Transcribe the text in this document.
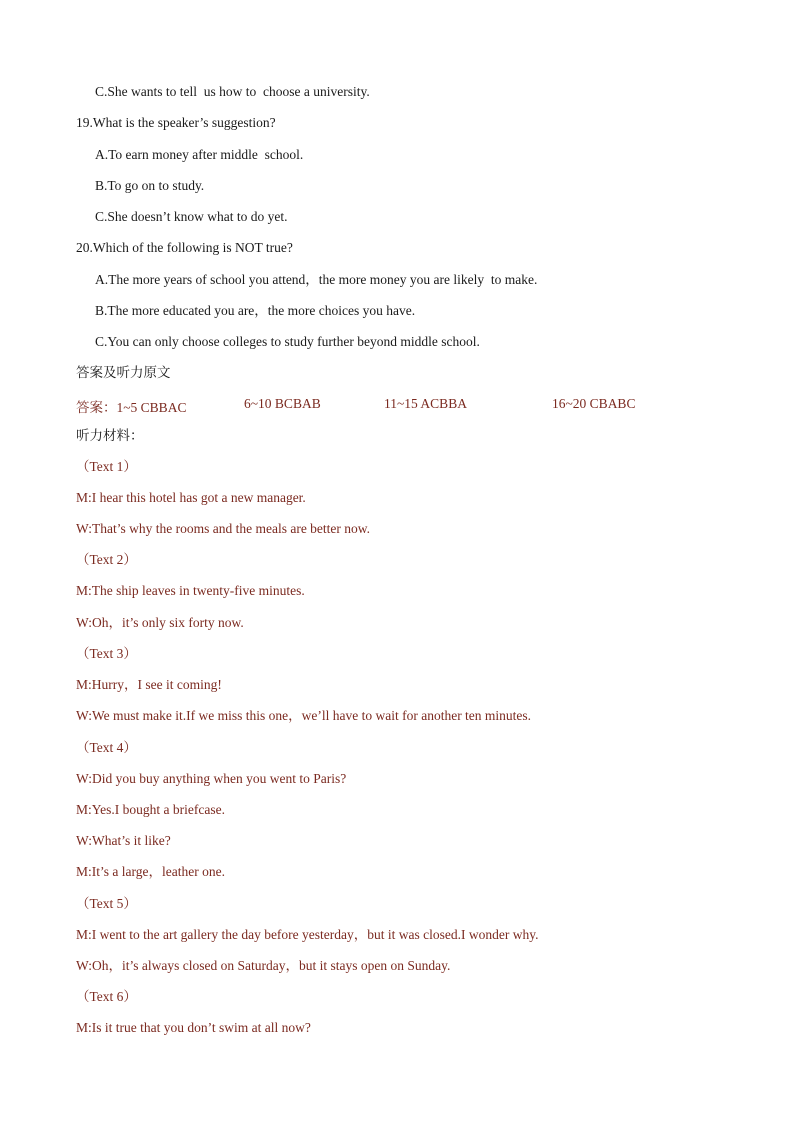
C.She wants to tell  us how to  choose a university.
19.What is the speaker’s suggestion?
A.To earn money after middle  school.
B.To go on to study.
C.She doesn’t know what to do yet.
20.Which of the following is NOT true?
A.The more years of school you attend，the more money you are likely  to make.
B.The more educated you are，the more choices you have.
C.You can only choose colleges to study further beyond middle school.
答案及听力原文
答案：1~5 CBBAC	6~10 BCBAB	11~15 ACBBA	16~20 CBABC
听力材料：
（Text 1）
M:I hear this hotel has got a new manager.
W:That’s why the rooms and the meals are better now.
（Text 2）
M:The ship leaves in twenty-five minutes.
W:Oh，it’s only six forty now.
（Text 3）
M:Hurry，I see it coming!
W:We must make it.If we miss this one，we’ll have to wait for another ten minutes.
（Text 4）
W:Did you buy anything when you went to Paris?
M:Yes.I bought a briefcase.
W:What’s it like?
M:It’s a large，leather one.
（Text 5）
M:I went to the art gallery the day before yesterday，but it was closed.I wonder why.
W:Oh，it’s always closed on Saturday，but it stays open on Sunday.
（Text 6）
M:Is it true that you don’t swim at all now?
